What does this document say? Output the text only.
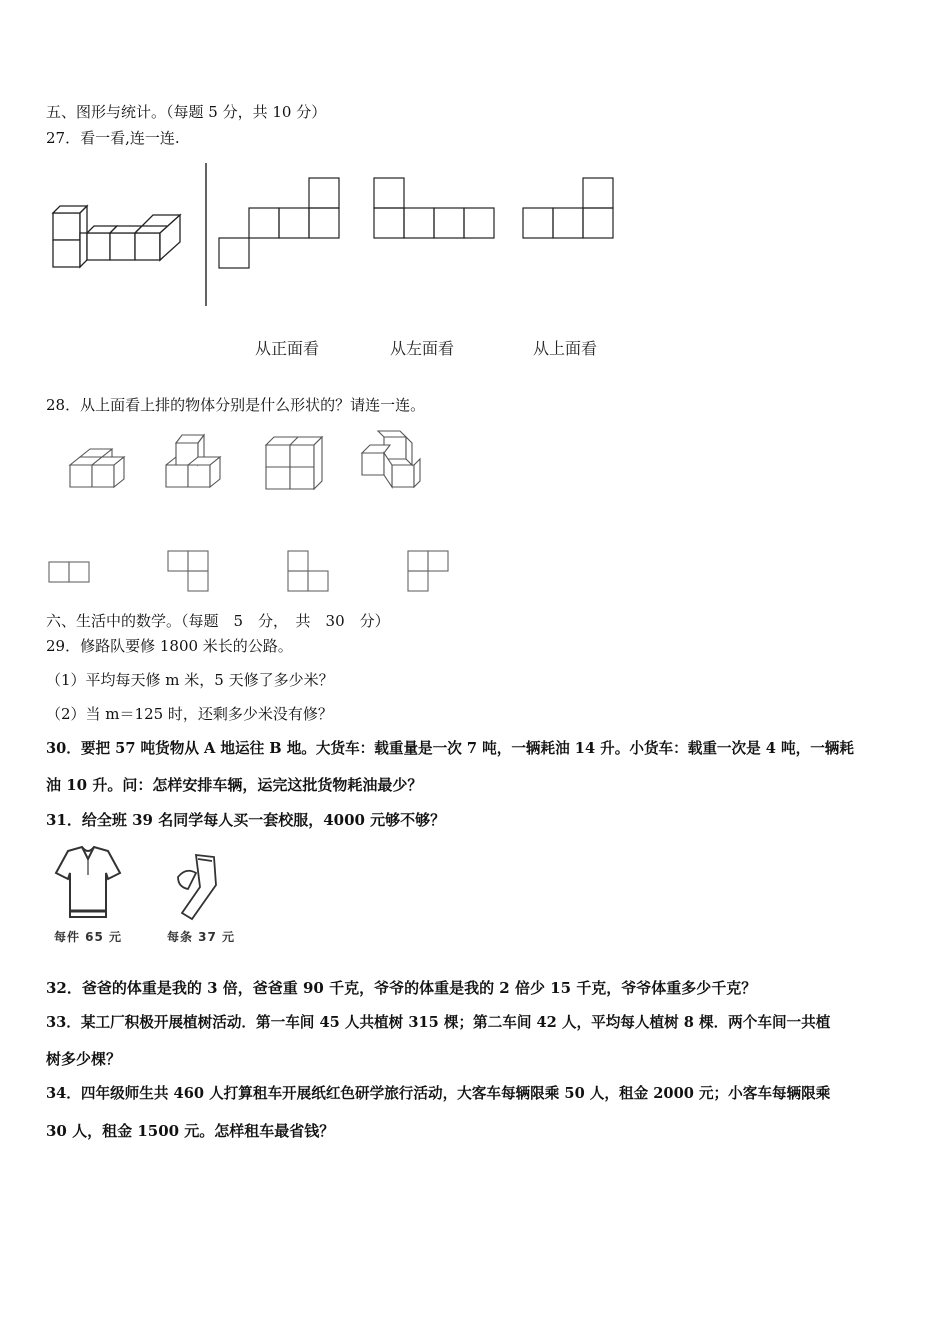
五、图形与统计。（每题 5 分，共 10 分）
27．看一看,连一连.
从正面看	从左面看	从上面看
28．从上面看上排的物体分别是什么形状的？请连一连。
六、生活中的数学。（每题　5　分，　共　30　分）
29．修路队要修 1800 米长的公路。
（1）平均每天修 m 米，5 天修了多少米？
（2）当 m＝125 时，还剩多少米没有修？
30．要把 57 吨货物从 A 地运往 B 地。大货车：载重量是一次 7 吨，一辆耗油 14 升。小货车：载重一次是 4 吨，一辆耗
油 10 升。问：怎样安排车辆，运完这批货物耗油最少？
31．给全班 39 名同学每人买一套校服，4000 元够不够？
每件 65 元	每条 37 元
32．爸爸的体重是我的 3 倍，爸爸重 90 千克，爷爷的体重是我的 2 倍少 15 千克，爷爷体重多少千克？
33．某工厂积极开展植树活动．第一车间 45 人共植树 315 棵；第二车间 42 人，平均每人植树 8 棵．两个车间一共植
树多少棵？
34．四年级师生共 460 人打算租车开展纸红色研学旅行活动，大客车每辆限乘 50 人，租金 2000 元；小客车每辆限乘
30 人，租金 1500 元。怎样租车最省钱？
